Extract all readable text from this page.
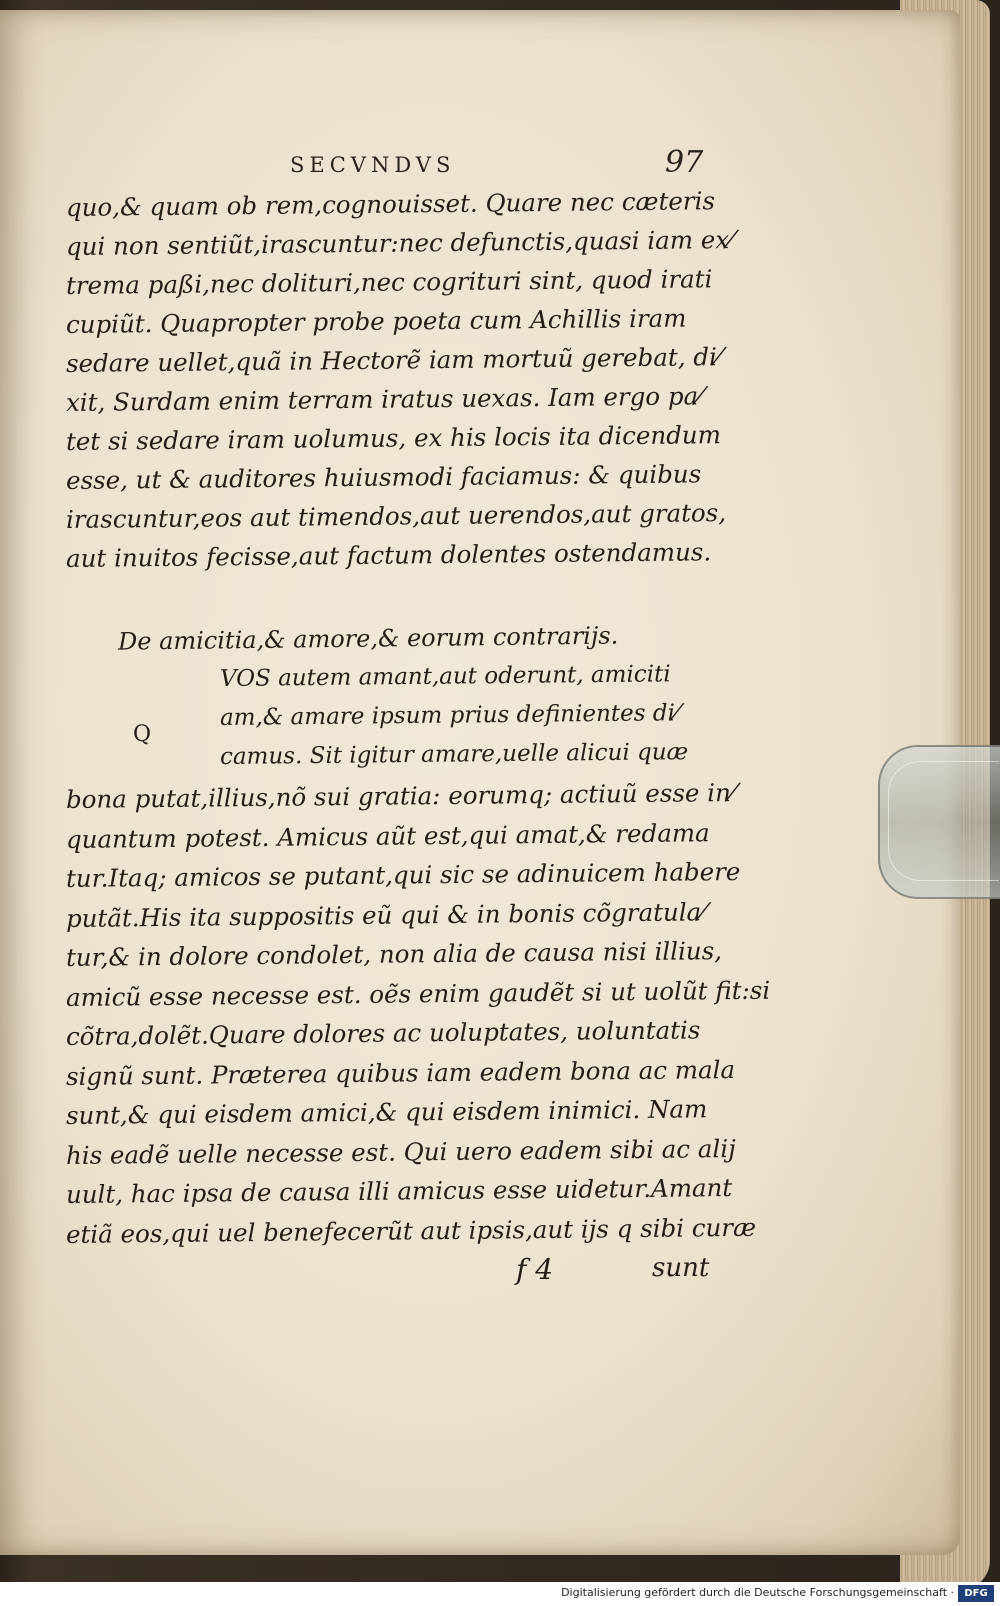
SECVNDVS	97
quo,& quam ob rem,cognouisset. Quare nec cæteris
qui non sentiũt,irascuntur:nec defunctis,quasi iam ex⁄
trema paßi,nec dolituri,nec cogrituri sint, quod irati
cupiũt. Quapropter probe poeta cum Achillis iram
sedare uellet,quã in Hectorẽ iam mortuũ gerebat, di⁄
xit, Surdam enim terram iratus uexas. Iam ergo pa⁄
tet si sedare iram uolumus, ex his locis ita dicendum
esse, ut & auditores huiusmodi faciamus: & quibus
irascuntur,eos aut timendos,aut uerendos,aut gratos,
aut inuitos fecisse,aut factum dolentes ostendamus.
De amicitia,& amore,& eorum contrarijs.
Q
VOS autem amant,aut oderunt, amiciti
am,& amare ipsum prius definientes di⁄
camus. Sit igitur amare,uelle alicui quæ
bona putat,illius,nõ sui gratia: eorumq; actiuũ esse in⁄
quantum potest. Amicus aũt est,qui amat,& redama
tur.Itaq; amicos se putant,qui sic se adinuicem habere
putãt.His ita suppositis eũ qui & in bonis cõgratula⁄
tur,& in dolore condolet, non alia de causa nisi illius,
amicũ esse necesse est. oẽs enim gaudẽt si ut uolũt fit:si
cõtra,dolẽt.Quare dolores ac uoluptates, uoluntatis
signũ sunt. Præterea quibus iam eadem bona ac mala
sunt,& qui eisdem amici,& qui eisdem inimici. Nam
his eadẽ uelle necesse est. Qui uero eadem sibi ac alij
uult, hac ipsa de causa illi amicus esse uidetur.Amant
etiã eos,qui uel benefecerũt aut ipsis,aut ijs q sibi curæ
f 4	sunt
Digitalisierung gefördert durch die Deutsche Forschungsgemeinschaft ·	DFG
